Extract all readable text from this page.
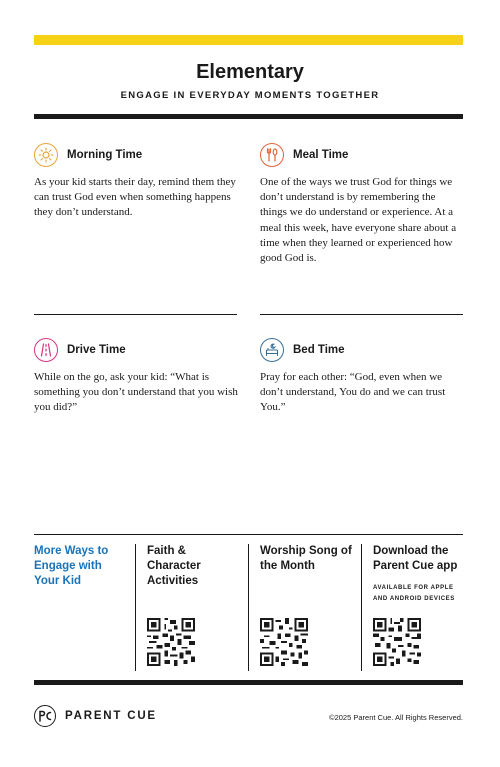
Elementary
ENGAGE IN EVERYDAY MOMENTS TOGETHER
Morning Time
As your kid starts their day, remind them they can trust God even when something happens they don’t understand.
Meal Time
One of the ways we trust God for things we don’t understand is by remembering the things we do understand or experience. At a meal this week, have everyone share about a time when they learned or experienced how good God is.
Drive Time
While on the go, ask your kid: “What is something you don’t understand that you wish you did?”
Bed Time
Pray for each other: “God, even when we don’t understand, You do and we can trust You.”
More Ways to Engage with Your Kid
Faith & Character Activities
Worship Song of the Month
Download the Parent Cue app
AVAILABLE FOR APPLE AND ANDROID DEVICES
PARENT CUE	©2025 Parent Cue. All Rights Reserved.
